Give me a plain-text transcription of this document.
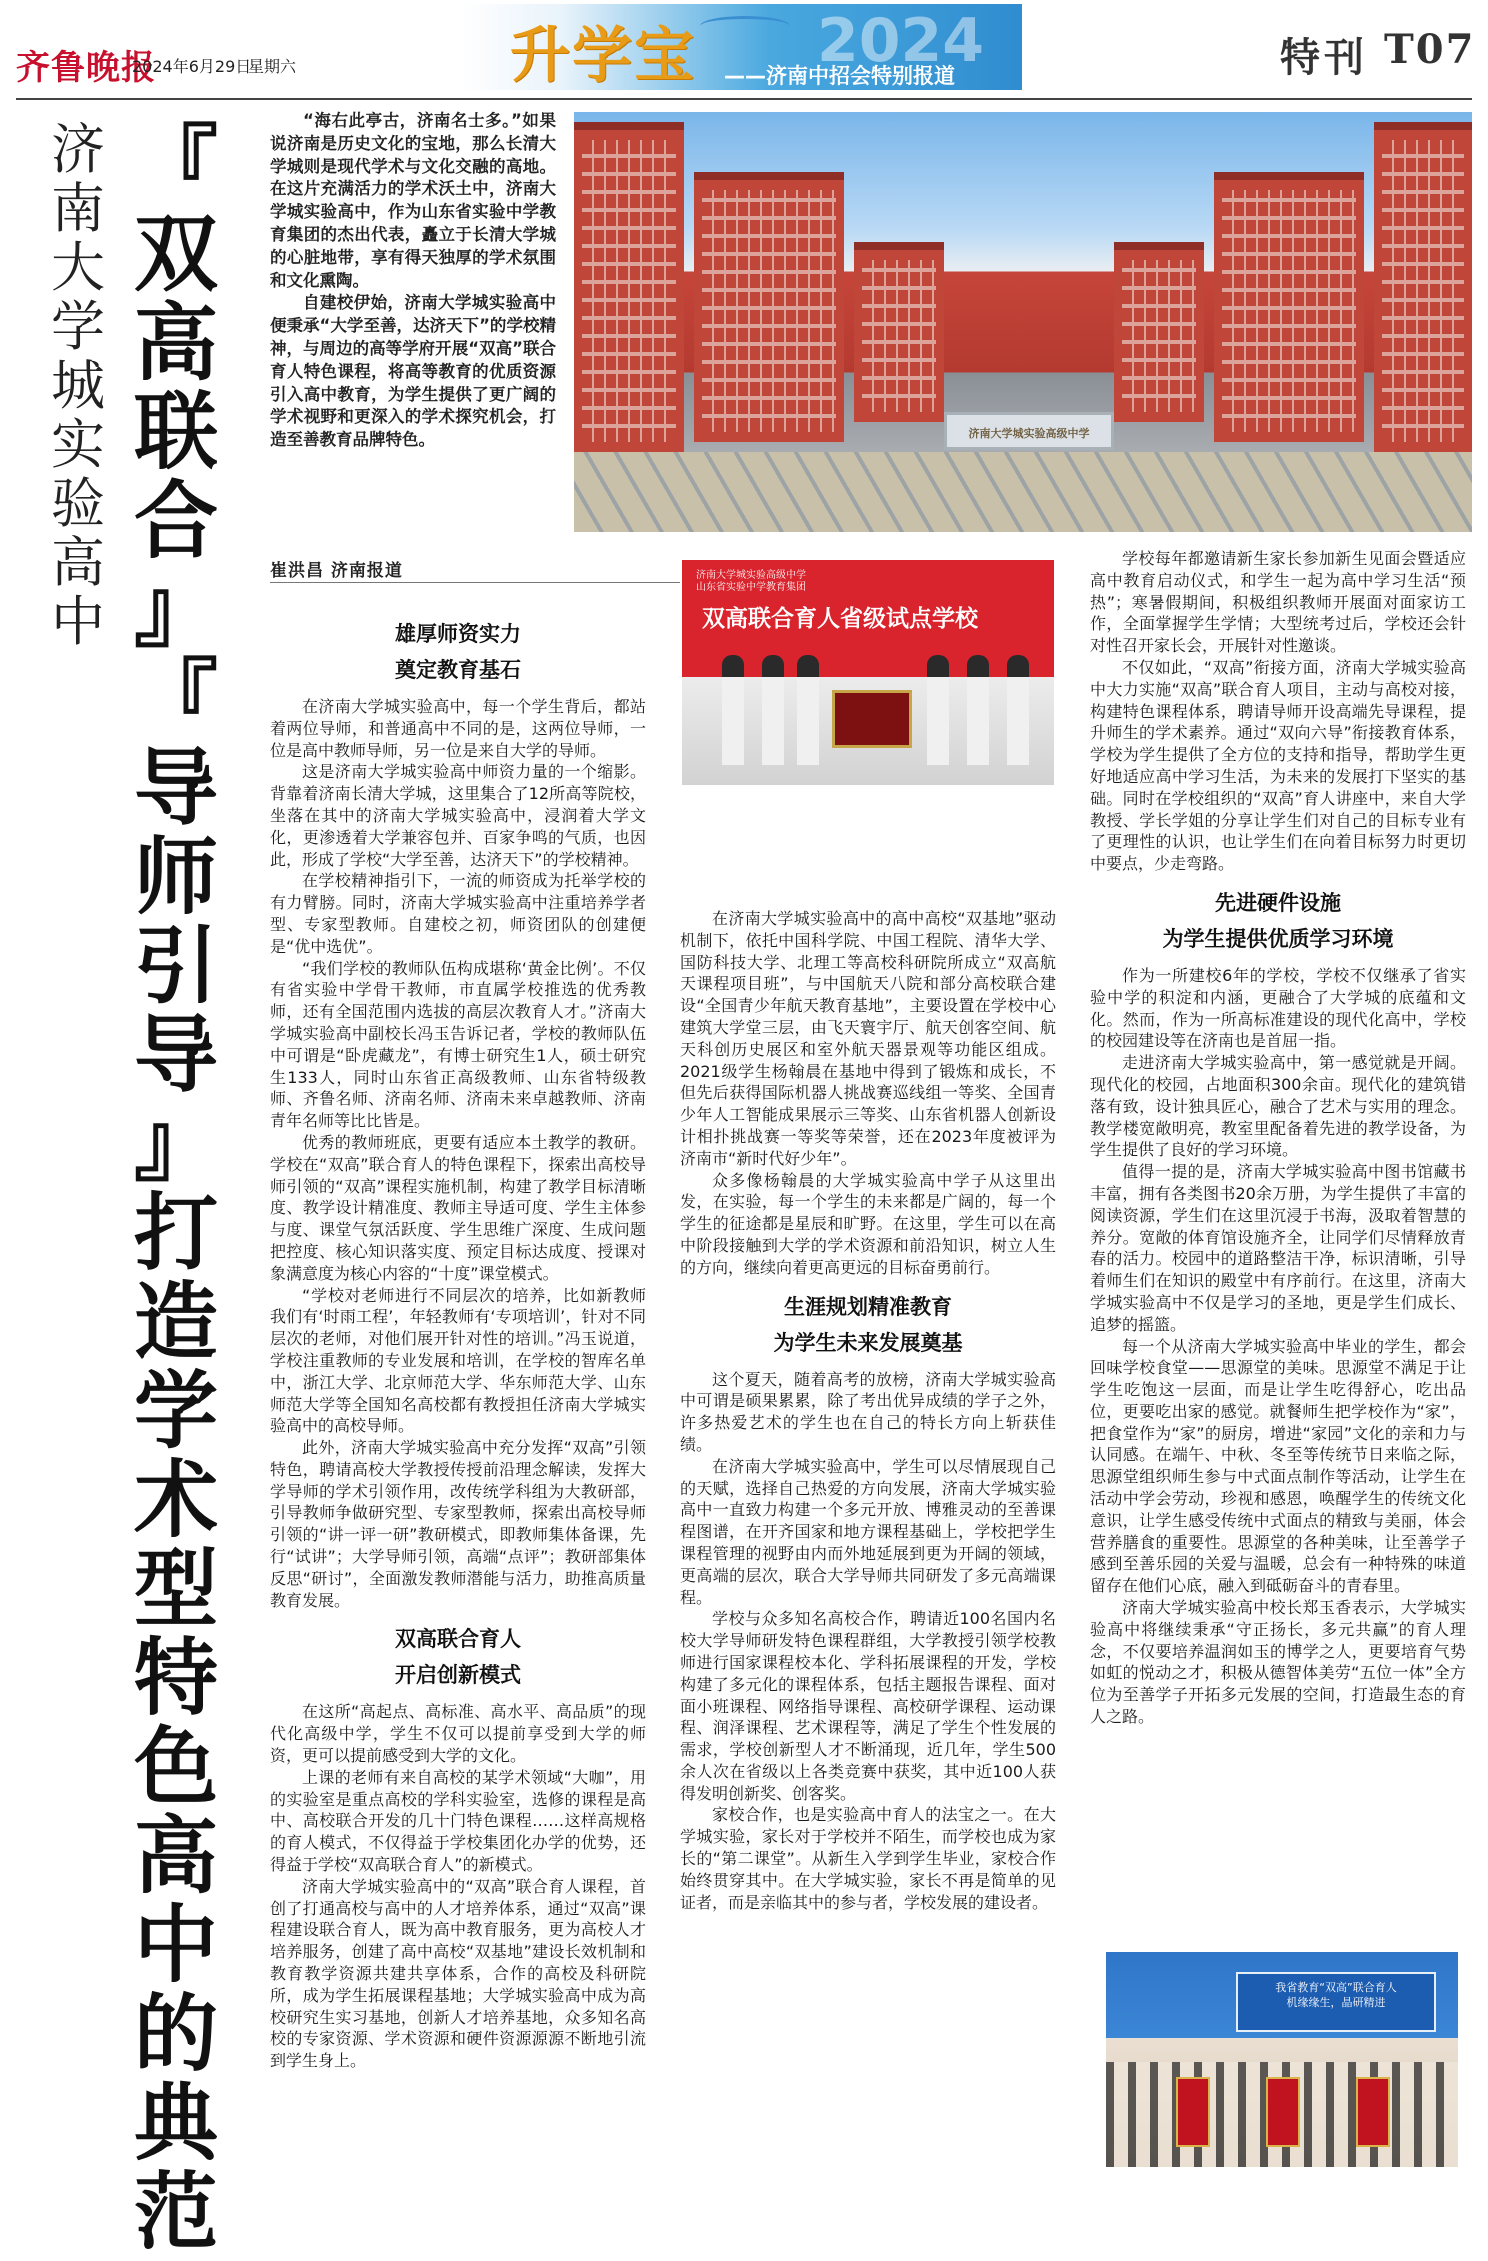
齐鲁晚报
2024年6月29日
星期六	2024
升学宝 ——济南中招会特别报道	特刊 T07
济
南
大
学
城
实
验
高
中
『
双
高
联
合
』
『
导
师
引
导
』
打
造
学
术
型
特
色
高
中
的
典
范

“海右此亭古，济南名士多。”如果说济南是历史文化的宝地，那么长清大学城则是现代学术与文化交融的高地。在这片充满活力的学术沃土中，济南大学城实验高中，作为山东省实验中学教育集团的杰出代表，矗立于长清大学城的心脏地带，享有得天独厚的学术氛围和文化熏陶。

自建校伊始，济南大学城实验高中便秉承“大学至善，达济天下”的学校精神，与周边的高等学府开展“双高”联合育人特色课程，将高等教育的优质资源引入高中教育，为学生提供了更广阔的学术视野和更深入的学术探究机会，打造至善教育品牌特色。	济南大学城实验高级中学
崔洪昌 济南报道
雄厚师资实力
奠定教育基石

在济南大学城实验高中，每一个学生背后，都站着两位导师，和普通高中不同的是，这两位导师，一位是高中教师导师，另一位是来自大学的导师。

这是济南大学城实验高中师资力量的一个缩影。背靠着济南长清大学城，这里集合了12所高等院校，坐落在其中的济南大学城实验高中，浸润着大学文化，更渗透着大学兼容包并、百家争鸣的气质，也因此，形成了学校“大学至善，达济天下”的学校精神。

在学校精神指引下，一流的师资成为托举学校的有力臂膀。同时，济南大学城实验高中注重培养学者型、专家型教师。自建校之初，师资团队的创建便是“优中选优”。

“我们学校的教师队伍构成堪称‘黄金比例’。不仅有省实验中学骨干教师，市直属学校推选的优秀教师，还有全国范围内选拔的高层次教育人才。”济南大学城实验高中副校长冯玉告诉记者，学校的教师队伍中可谓是“卧虎藏龙”，有博士研究生1人，硕士研究生133人，同时山东省正高级教师、山东省特级教师、齐鲁名师、济南名师、济南未来卓越教师、济南青年名师等比比皆是。

优秀的教师班底，更要有适应本土教学的教研。学校在“双高”联合育人的特色课程下，探索出高校导师引领的“双高”课程实施机制，构建了教学目标清晰度、教学设计精准度、教师主导适可度、学生主体参与度、课堂气氛活跃度、学生思维广深度、生成问题把控度、核心知识落实度、预定目标达成度、授课对象满意度为核心内容的“十度”课堂模式。

“学校对老师进行不同层次的培养，比如新教师我们有‘时雨工程’，年轻教师有‘专项培训’，针对不同层次的老师，对他们展开针对性的培训。”冯玉说道，学校注重教师的专业发展和培训，在学校的智库名单中，浙江大学、北京师范大学、华东师范大学、山东师范大学等全国知名高校都有教授担任济南大学城实验高中的高校导师。

此外，济南大学城实验高中充分发挥“双高”引领特色，聘请高校大学教授传授前沿理念解读，发挥大学导师的学术引领作用，改传统学科组为大教研部，引导教师争做研究型、专家型教师，探索出高校导师引领的“讲一评一研”教研模式，即教师集体备课，先行“试讲”；大学导师引领，高端“点评”；教研部集体反思“研讨”，全面激发教师潜能与活力，助推高质量教育发展。

双高联合育人
开启创新模式

在这所“高起点、高标准、高水平、高品质”的现代化高级中学，学生不仅可以提前享受到大学的师资，更可以提前感受到大学的文化。

上课的老师有来自高校的某学术领域“大咖”，用的实验室是重点高校的学科实验室，选修的课程是高中、高校联合开发的几十门特色课程……这样高规格的育人模式，不仅得益于学校集团化办学的优势，还得益于学校“双高联合育人”的新模式。

济南大学城实验高中的“双高”联合育人课程，首创了打通高校与高中的人才培养体系，通过“双高”课程建设联合育人，既为高中教育服务，更为高校人才培养服务，创建了高中高校“双基地”建设长效机制和教育教学资源共建共享体系，合作的高校及科研院所，成为学生拓展课程基地；大学城实验高中成为高校研究生实习基地，创新人才培养基地，众多知名高校的专家资源、学术资源和硬件资源源源不断地引流到学生身上。

济南大学城实验高级中学
山东省实验中学教育集团
双高联合育人省级试点学校

在济南大学城实验高中的高中高校“双基地”驱动机制下，依托中国科学院、中国工程院、清华大学、国防科技大学、北理工等高校科研院所成立“双高航天课程项目班”，与中国航天八院和部分高校联合建设“全国青少年航天教育基地”，主要设置在学校中心建筑大学堂三层，由飞天寰宇厅、航天创客空间、航天科创历史展区和室外航天器景观等功能区组成。2021级学生杨翰晨在基地中得到了锻炼和成长，不但先后获得国际机器人挑战赛巡线组一等奖、全国青少年人工智能成果展示三等奖、山东省机器人创新设计相扑挑战赛一等奖等荣誉，还在2023年度被评为济南市“新时代好少年”。

众多像杨翰晨的大学城实验高中学子从这里出发，在实验，每一个学生的未来都是广阔的，每一个学生的征途都是星辰和旷野。在这里，学生可以在高中阶段接触到大学的学术资源和前沿知识，树立人生的方向，继续向着更高更远的目标奋勇前行。

生涯规划精准教育
为学生未来发展奠基

这个夏天，随着高考的放榜，济南大学城实验高中可谓是硕果累累，除了考出优异成绩的学子之外，许多热爱艺术的学生也在自己的特长方向上斩获佳绩。

在济南大学城实验高中，学生可以尽情展现自己的天赋，选择自己热爱的方向发展，济南大学城实验高中一直致力构建一个多元开放、博雅灵动的至善课程图谱，在开齐国家和地方课程基础上，学校把学生课程管理的视野由内而外地延展到更为开阔的领域，更高端的层次，联合大学导师共同研发了多元高端课程。

学校与众多知名高校合作，聘请近100名国内名校大学导师研发特色课程群组，大学教授引领学校教师进行国家课程校本化、学科拓展课程的开发，学校构建了多元化的课程体系，包括主题报告课程、面对面小班课程、网络指导课程、高校研学课程、运动课程、润泽课程、艺术课程等，满足了学生个性发展的需求，学校创新型人才不断涌现，近几年，学生500余人次在省级以上各类竞赛中获奖，其中近100人获得发明创新奖、创客奖。

家校合作，也是实验高中育人的法宝之一。在大学城实验，家长对于学校并不陌生，而学校也成为家长的“第二课堂”。从新生入学到学生毕业，家校合作始终贯穿其中。在大学城实验，家长不再是简单的见证者，而是亲临其中的参与者，学校发展的建设者。

学校每年都邀请新生家长参加新生见面会暨适应高中教育启动仪式，和学生一起为高中学习生活“预热”；寒暑假期间，积极组织教师开展面对面家访工作，全面掌握学生学情；大型统考过后，学校还会针对性召开家长会，开展针对性邀谈。

不仅如此，“双高”衔接方面，济南大学城实验高中大力实施“双高”联合育人项目，主动与高校对接，构建特色课程体系，聘请导师开设高端先导课程，提升师生的学术素养。通过“双向六导”衔接教育体系，学校为学生提供了全方位的支持和指导，帮助学生更好地适应高中学习生活，为未来的发展打下坚实的基础。同时在学校组织的“双高”育人讲座中，来自大学教授、学长学姐的分享让学生们对自己的目标专业有了更理性的认识，也让学生们在向着目标努力时更切中要点，少走弯路。

先进硬件设施
为学生提供优质学习环境

作为一所建校6年的学校，学校不仅继承了省实验中学的积淀和内涵，更融合了大学城的底蕴和文化。然而，作为一所高标准建设的现代化高中，学校的校园建设等在济南也是首屈一指。

走进济南大学城实验高中，第一感觉就是开阔。现代化的校园，占地面积300余亩。现代化的建筑错落有致，设计独具匠心，融合了艺术与实用的理念。教学楼宽敞明亮，教室里配备着先进的教学设备，为学生提供了良好的学习环境。

值得一提的是，济南大学城实验高中图书馆藏书丰富，拥有各类图书20余万册，为学生提供了丰富的阅读资源，学生们在这里沉浸于书海，汲取着智慧的养分。宽敞的体育馆设施齐全，让同学们尽情释放青春的活力。校园中的道路整洁干净，标识清晰，引导着师生们在知识的殿堂中有序前行。在这里，济南大学城实验高中不仅是学习的圣地，更是学生们成长、追梦的摇篮。

每一个从济南大学城实验高中毕业的学生，都会回味学校食堂——思源堂的美味。思源堂不满足于让学生吃饱这一层面，而是让学生吃得舒心，吃出品位，更要吃出家的感觉。就餐师生把学校作为“家”，把食堂作为“家”的厨房，增进“家园”文化的亲和力与认同感。在端午、中秋、冬至等传统节日来临之际，思源堂组织师生参与中式面点制作等活动，让学生在活动中学会劳动，珍视和感恩，唤醒学生的传统文化意识，让学生感受传统中式面点的精致与美丽，体会营养膳食的重要性。思源堂的各种美味，让至善学子感到至善乐园的关爱与温暖，总会有一种特殊的味道留存在他们心底，融入到砥砺奋斗的青春里。

济南大学城实验高中校长郑玉香表示，大学城实验高中将继续秉承“守正扬长，多元共赢”的育人理念，不仅要培养温润如玉的博学之人，更要培育气势如虹的悦动之才，积极从德智体美劳“五位一体”全方位为至善学子开拓多元发展的空间，打造最生态的育人之路。

我省教育“双高”联合育人
机缘缘生，晶研精进
